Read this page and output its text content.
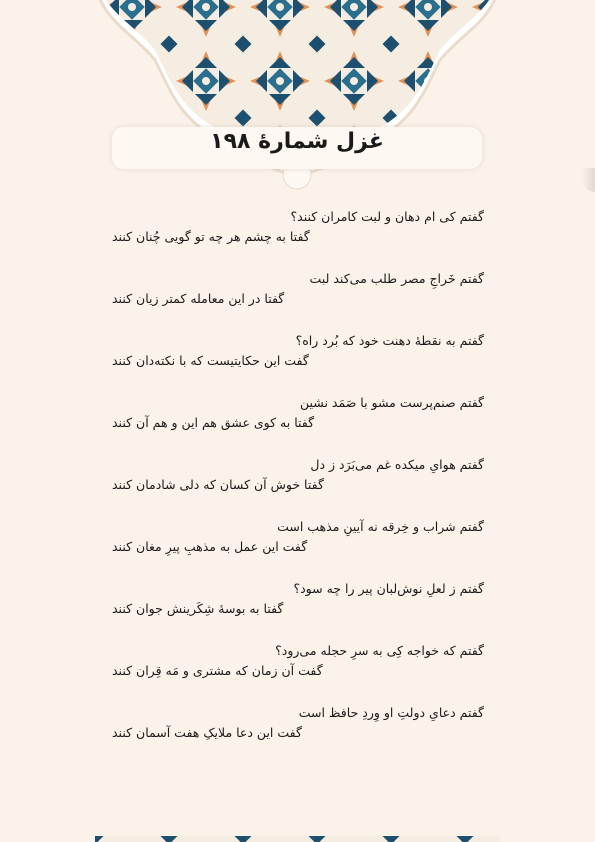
غزل شمارهٔ ۱۹۸
گفتم کی ام دهان و لبت کامران کنند؟
گفتا به چشم هر چه تو گویی چُنان کنند
گفتم خَراجِ مصر طلب می‌کند لبت
گفتا در این معامله کمتر زیان کنند
گفتم به نقطهٔ دهنت خود که بُرد راه؟
گفت این حکایتیست که با نکته‌دان کنند
گفتم صنم‌پرست مشو با صَمَد نشین
گفتا به کوی عشق هم این و هم آن کنند
گفتم هوایِ میکده غم می‌بَرَد ز دل
گفتا خوش آن کسان که دلی شادمان کنند
گفتم شراب و خِرقه نه آیینِ مذهب است
گفت این عمل به مذهبِ پیرِ مغان کنند
گفتم ز لعلِ نوش‌لبان پیر را چه سود؟
گفتا به بوسهٔ شِکَرینش جوان کنند
گفتم که خواجه کِی به سرِ حجله می‌رود؟
گفت آن زمان که مشتری و مَه قِران کنند
گفتم دعایِ دولتِ او وِردِ حافظ است
گفت این دعا ملایکِ هفت آسمان کنند
